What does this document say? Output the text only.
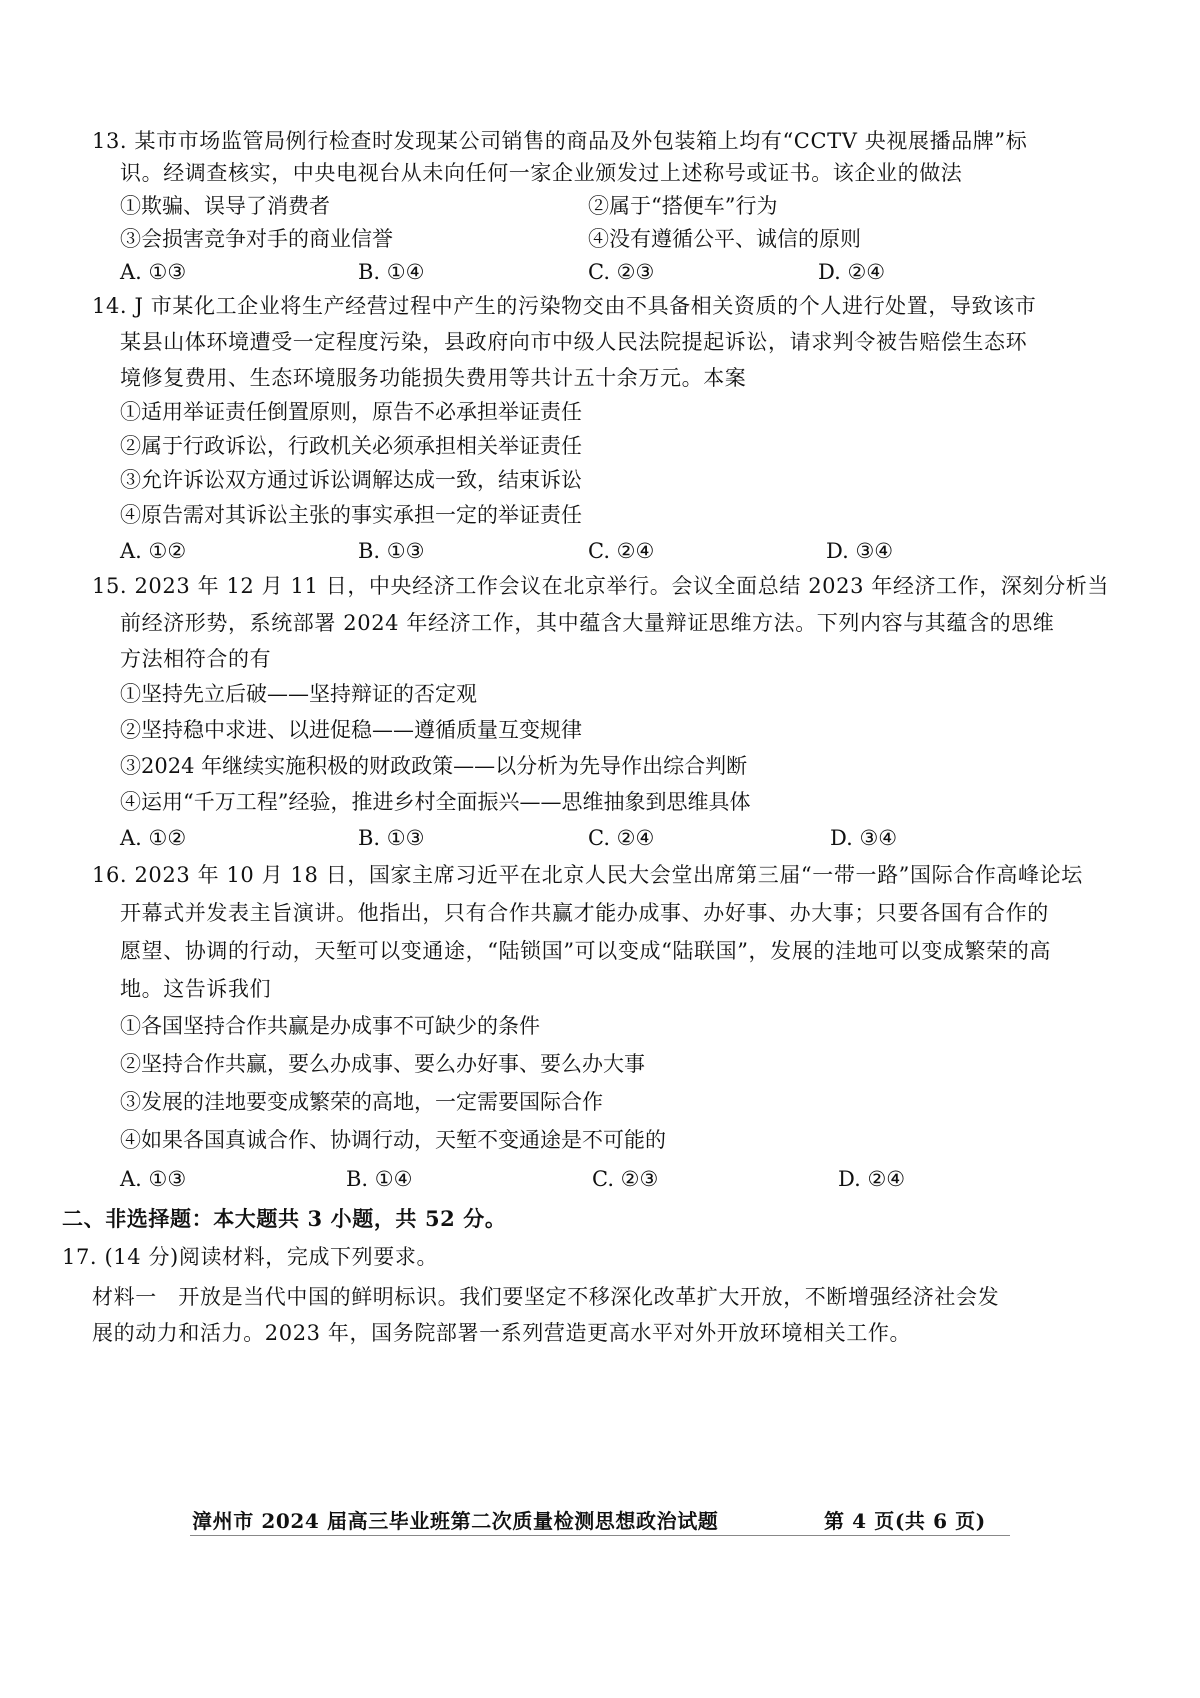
13. 某市市场监管局例行检查时发现某公司销售的商品及外包装箱上均有“CCTV 央视展播品牌”标
识。经调查核实，中央电视台从未向任何一家企业颁发过上述称号或证书。该企业的做法
①欺骗、误导了消费者	②属于“搭便车”行为
③会损害竞争对手的商业信誉	④没有遵循公平、诚信的原则
A. ①③	B. ①④	C. ②③	D. ②④
14. J 市某化工企业将生产经营过程中产生的污染物交由不具备相关资质的个人进行处置，导致该市
某县山体环境遭受一定程度污染，县政府向市中级人民法院提起诉讼，请求判令被告赔偿生态环
境修复费用、生态环境服务功能损失费用等共计五十余万元。本案
①适用举证责任倒置原则，原告不必承担举证责任
②属于行政诉讼，行政机关必须承担相关举证责任
③允许诉讼双方通过诉讼调解达成一致，结束诉讼
④原告需对其诉讼主张的事实承担一定的举证责任
A. ①②	B. ①③	C. ②④	D. ③④
15. 2023 年 12 月 11 日，中央经济工作会议在北京举行。会议全面总结 2023 年经济工作，深刻分析当
前经济形势，系统部署 2024 年经济工作，其中蕴含大量辩证思维方法。下列内容与其蕴含的思维
方法相符合的有
①坚持先立后破——坚持辩证的否定观
②坚持稳中求进、以进促稳——遵循质量互变规律
③2024 年继续实施积极的财政政策——以分析为先导作出综合判断
④运用“千万工程”经验，推进乡村全面振兴——思维抽象到思维具体
A. ①②	B. ①③	C. ②④	D. ③④
16. 2023 年 10 月 18 日，国家主席习近平在北京人民大会堂出席第三届“一带一路”国际合作高峰论坛
开幕式并发表主旨演讲。他指出，只有合作共赢才能办成事、办好事、办大事；只要各国有合作的
愿望、协调的行动，天堑可以变通途，“陆锁国”可以变成“陆联国”，发展的洼地可以变成繁荣的高
地。这告诉我们
①各国坚持合作共赢是办成事不可缺少的条件
②坚持合作共赢，要么办成事、要么办好事、要么办大事
③发展的洼地要变成繁荣的高地，一定需要国际合作
④如果各国真诚合作、协调行动，天堑不变通途是不可能的
A. ①③	B. ①④	C. ②③	D. ②④
二、非选择题：本大题共 3 小题，共 52 分。
17. (14 分)阅读材料，完成下列要求。
材料一　开放是当代中国的鲜明标识。我们要坚定不移深化改革扩大开放，不断增强经济社会发
展的动力和活力。2023 年，国务院部署一系列营造更高水平对外开放环境相关工作。
漳州市 2024 届高三毕业班第二次质量检测思想政治试题	第 4 页(共 6 页)
